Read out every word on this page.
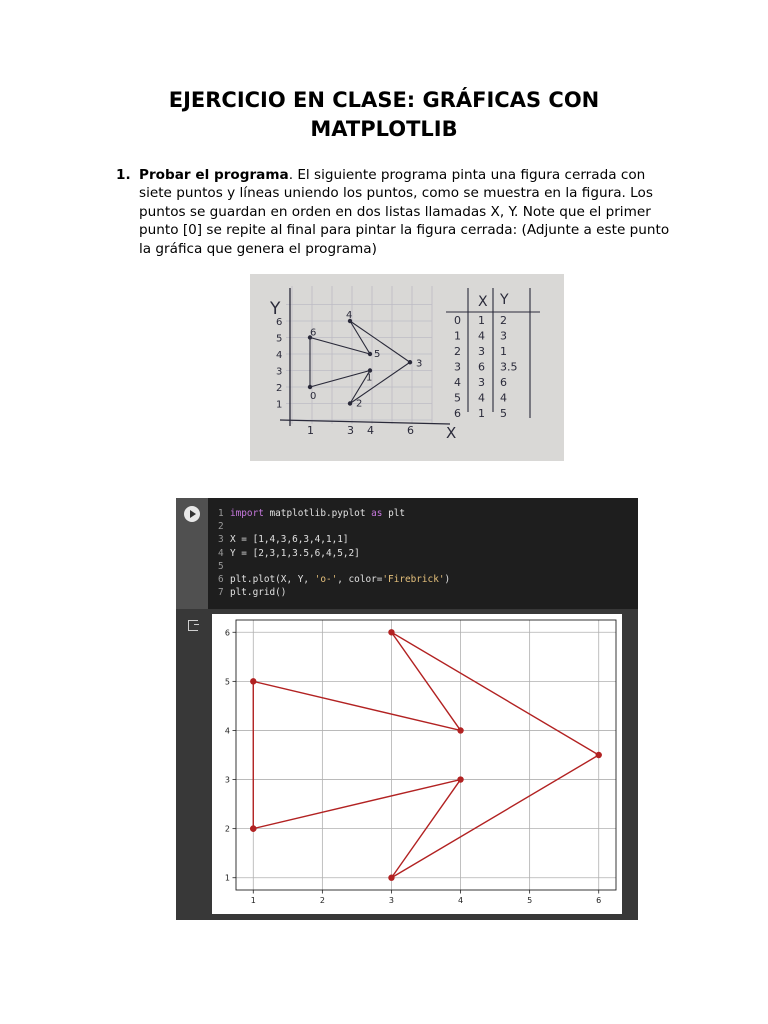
EJERCICIO EN CLASE: GRÁFICAS CON
MATPLOTLIB
1. Probar el programa. El siguiente programa pinta una figura cerrada con siete puntos y líneas uniendo los puntos, como se muestra en la figura. Los puntos se guardan en orden en dos listas llamadas X, Y. Note que el primer punto [0] se repite al final para pintar la figura cerrada: (Adjunte a este punto la gráfica que genera el programa)
Y
X
1
2
3
4
5
6
1	3 4	6
0
1
2
3
4
5
6
X Y
0 1 2
1 4 3
2 3 1
3 6 3.5
4 3 6
5 4 4
6 1 5
1 import matplotlib.pyplot as plt
2
3 X = [1,4,3,6,3,4,1,1]
4 Y = [2,3,1,3.5,6,4,5,2]
5
6 plt.plot(X, Y, 'o-', color='Firebrick')
7 plt.grid()
1	2	3	4	5	6
1
2
3
4
5
6
